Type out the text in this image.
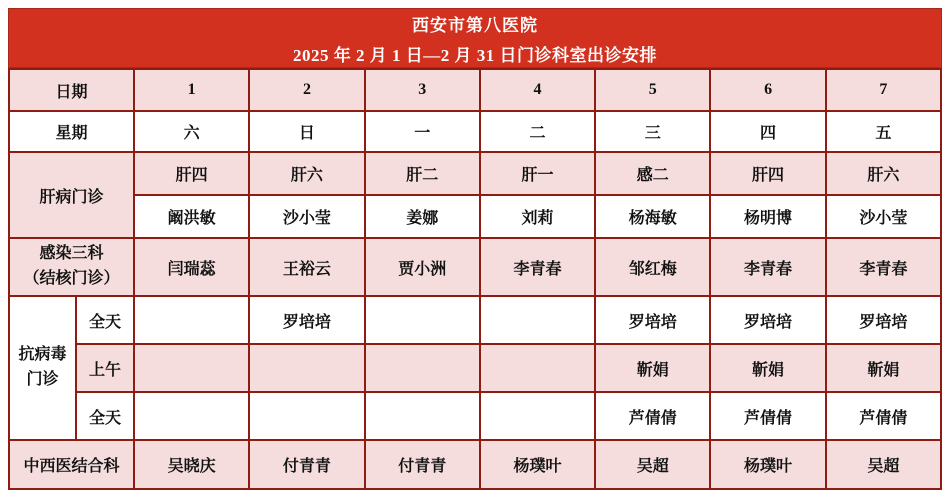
西安市第八医院
2025 年 2 月 1 日—2 月 31 日门诊科室出诊安排
日期		1	2	3	4	5	6	7
星期		六	日	一	二	三	四	五
肝病门诊		肝四	肝六	肝二	肝一	感二	肝四	肝六
		阚洪敏	沙小莹	姜娜	刘莉	杨海敏	杨明博	沙小莹

感染三科
（结核门诊）		闫瑞蕊	王裕云	贾小洲	李青春	邹红梅	李青春	李青春

抗病毒
门诊	全天		罗培培			罗培培	罗培培	罗培培
	上午					靳娟	靳娟	靳娟
	全天					芦倩倩	芦倩倩	芦倩倩
中西医结合科		吴晓庆	付青青	付青青	杨璞叶	吴超	杨璞叶	吴超
